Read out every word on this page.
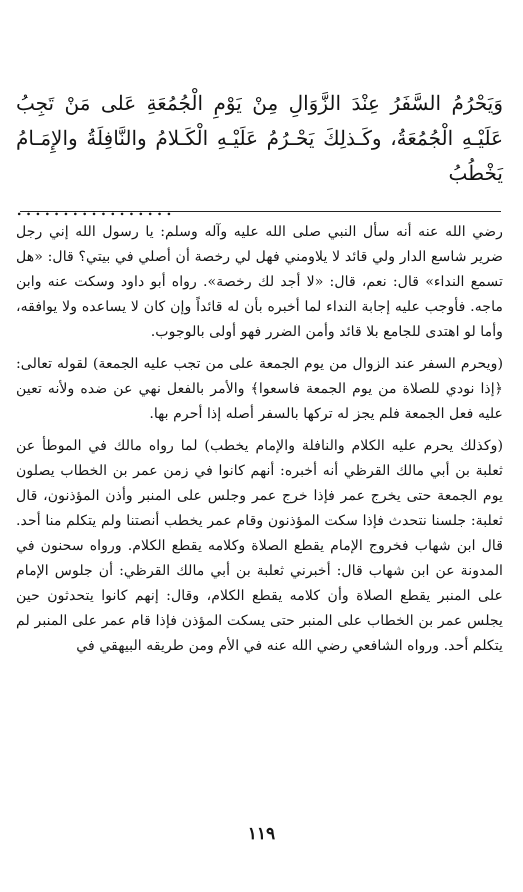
وَيَحْرُمُ السَّفَرُ عِنْدَ الزَّوَالِ مِنْ يَوْمِ الْجُمُعَةِ عَلى مَنْ تَجِبُ عَلَيْـهِ الْجُمُعَةُ، وكَـذلِكَ يَحْـرُمُ عَلَيْـهِ الْكَـلامُ والنَّافِلَةُ والإِمَـامُ يَخْطُبُ
.................

رضي الله عنه أنه سأل النبي صلى الله عليه وآله وسلم: يا رسول الله إني رجل ضرير شاسع الدار ولي قائد لا يلاومني فهل لي رخصة أن أصلي في بيتي؟ قال: «هل تسمع النداء» قال: نعم، قال: «لا أجد لك رخصة». رواه أبو داود وسكت عنه وابن ماجه. فأوجب عليه إجابة النداء لما أخبره بأن له قائداً وإن كان لا يساعده ولا يوافقه، وأما لو اهتدى للجامع بلا قائد وأمن الضرر فهو أولى بالوجوب.

(ويحرم السفر عند الزوال من يوم الجمعة على من تجب عليه الجمعة) لقوله تعالى: ﴿إذا نودي للصلاة من يوم الجمعة فاسعوا﴾ والأمر بالفعل نهي عن ضده ولأنه تعين عليه فعل الجمعة فلم يجز له تركها بالسفر أصله إذا أحرم بها.

(وكذلك يحرم عليه الكلام والنافلة والإمام يخطب) لما رواه مالك في الموطأ عن ثعلبة بن أبي مالك القرظي أنه أخبره: أنهم كانوا في زمن عمر بن الخطاب يصلون يوم الجمعة حتى يخرج عمر فإذا خرج عمر وجلس على المنبر وأذن المؤذنون، قال ثعلبة: جلسنا نتحدث فإذا سكت المؤذنون وقام عمر يخطب أنصتنا ولم يتكلم منا أحد. قال ابن شهاب فخروج الإمام يقطع الصلاة وكلامه يقطع الكلام. ورواه سحنون في المدونة عن ابن شهاب قال: أخبرني ثعلبة بن أبي مالك القرظي: أن جلوس الإمام على المنبر يقطع الصلاة وأن كلامه يقطع الكلام، وقال: إنهم كانوا يتحدثون حين يجلس عمر بن الخطاب على المنبر حتى يسكت المؤذن فإذا قام عمر على المنبر لم يتكلم أحد. ورواه الشافعي رضي الله عنه في الأم ومن طريقه البيهقي في

١١٩
